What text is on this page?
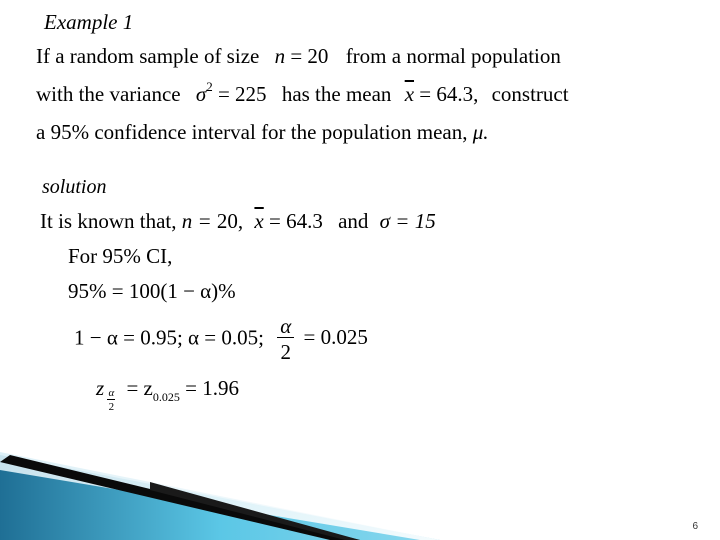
Example 1
If a random sample of size n = 20 from a normal population
with the variance $\sigma^2 = 225$ has the mean $\overline{x} = 64.3$, construct
a 95% confidence interval for the population mean, μ.
solution
It is known that, n = 20, $\overline{x} = 64.3$ and σ = 15
For 95% CI,
95% = 100(1 − α)%
1 − α = 0.95; α = 0.05; $\frac{\alpha}{2} = 0.025$
z $\frac{\alpha}{2} = z_{0.025} = 1.96$
6
